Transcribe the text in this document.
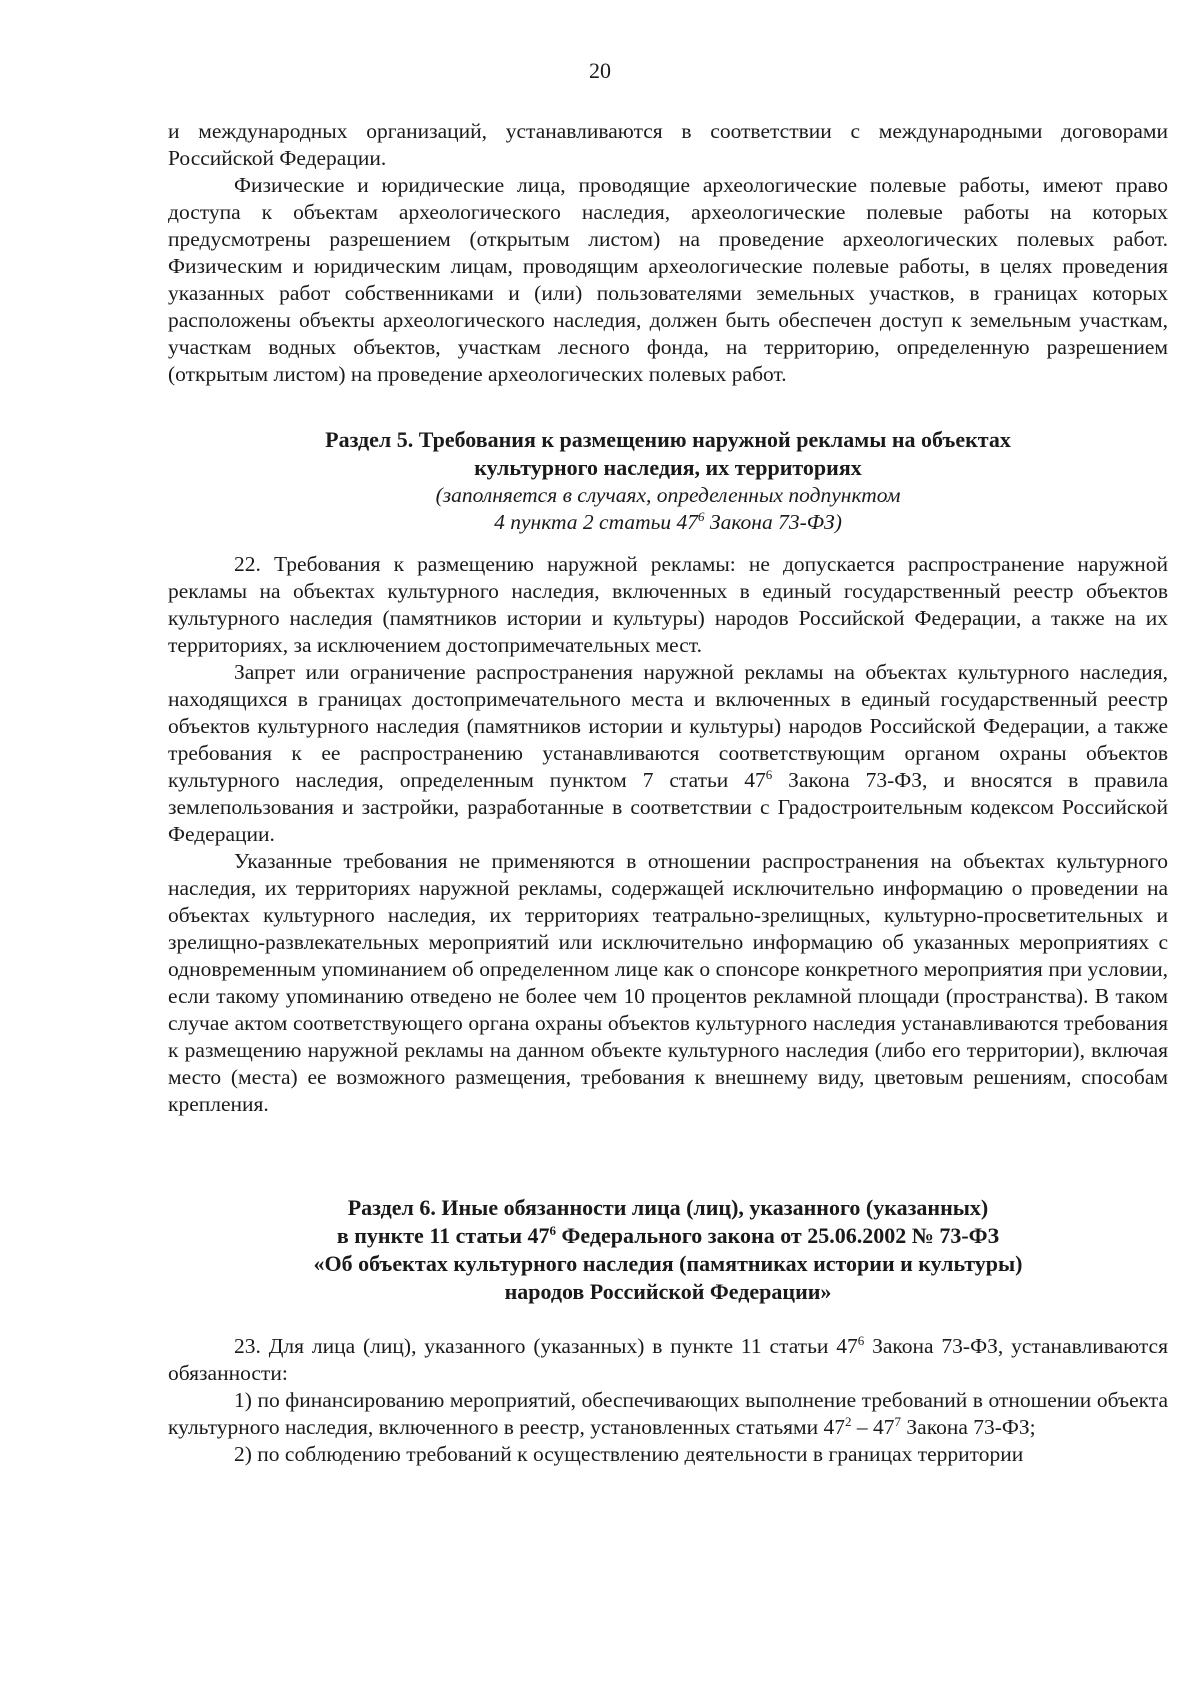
20

и международных организаций, устанавливаются в соответствии с международными договорами Российской Федерации.

Физические и юридические лица, проводящие археологические полевые работы, имеют право доступа к объектам археологического наследия, археологические полевые работы на которых предусмотрены разрешением (открытым листом) на проведение археологических полевых работ. Физическим и юридическим лицам, проводящим археологические полевые работы, в целях проведения указанных работ собственниками и (или) пользователями земельных участков, в границах которых расположены объекты археологического наследия, должен быть обеспечен доступ к земельным участкам, участкам водных объектов, участкам лесного фонда, на территорию, определенную разрешением (открытым листом) на проведение археологических полевых работ.

Раздел 5. Требования к размещению наружной рекламы на объектах

культурного наследия, их территориях

(заполняется в случаях, определенных подпунктом

4 пункта 2 статьи $47^6$ Закона 73-ФЗ)

22. Требования к размещению наружной рекламы: не допускается распространение наружной рекламы на объектах культурного наследия, включенных в единый государственный реестр объектов культурного наследия (памятников истории и культуры) народов Российской Федерации, а также на их территориях, за исключением достопримечательных мест.

Запрет или ограничение распространения наружной рекламы на объектах культурного наследия, находящихся в границах достопримечательного места и включенных в единый государственный реестр объектов культурного наследия (памятников истории и культуры) народов Российской Федерации, а также требования к ее распространению устанавливаются соответствующим органом охраны объектов культурного наследия, определенным пунктом 7 статьи $47^6$ Закона 73-ФЗ, и вносятся в правила землепользования и застройки, разработанные в соответствии с Градостроительным кодексом Российской Федерации.

Указанные требования не применяются в отношении распространения на объектах культурного наследия, их территориях наружной рекламы, содержащей исключительно информацию о проведении на объектах культурного наследия, их территориях театрально-зрелищных, культурно-просветительных и зрелищно-развлекательных мероприятий или исключительно информацию об указанных мероприятиях с одновременным упоминанием об определенном лице как о спонсоре конкретного мероприятия при условии, если такому упоминанию отведено не более чем 10 процентов рекламной площади (пространства). В таком случае актом соответствующего органа охраны объектов культурного наследия устанавливаются требования к размещению наружной рекламы на данном объекте культурного наследия (либо его территории), включая место (места) ее возможного размещения, требования к внешнему виду, цветовым решениям, способам крепления.

Раздел 6. Иные обязанности лица (лиц), указанного (указанных)

в пункте 11 статьи $47^6$ Федерального закона от 25.06.2002 № 73-ФЗ

«Об объектах культурного наследия (памятниках истории и культуры)

народов Российской Федерации»

23. Для лица (лиц), указанного (указанных) в пункте 11 статьи $47^6$ Закона 73-ФЗ, устанавливаются обязанности:

1) по финансированию мероприятий, обеспечивающих выполнение требований в отношении объекта культурного наследия, включенного в реестр, установленных статьями $47^2 - 47^7$ Закона 73-ФЗ;

2) по соблюдению требований к осуществлению деятельности в границах территории
